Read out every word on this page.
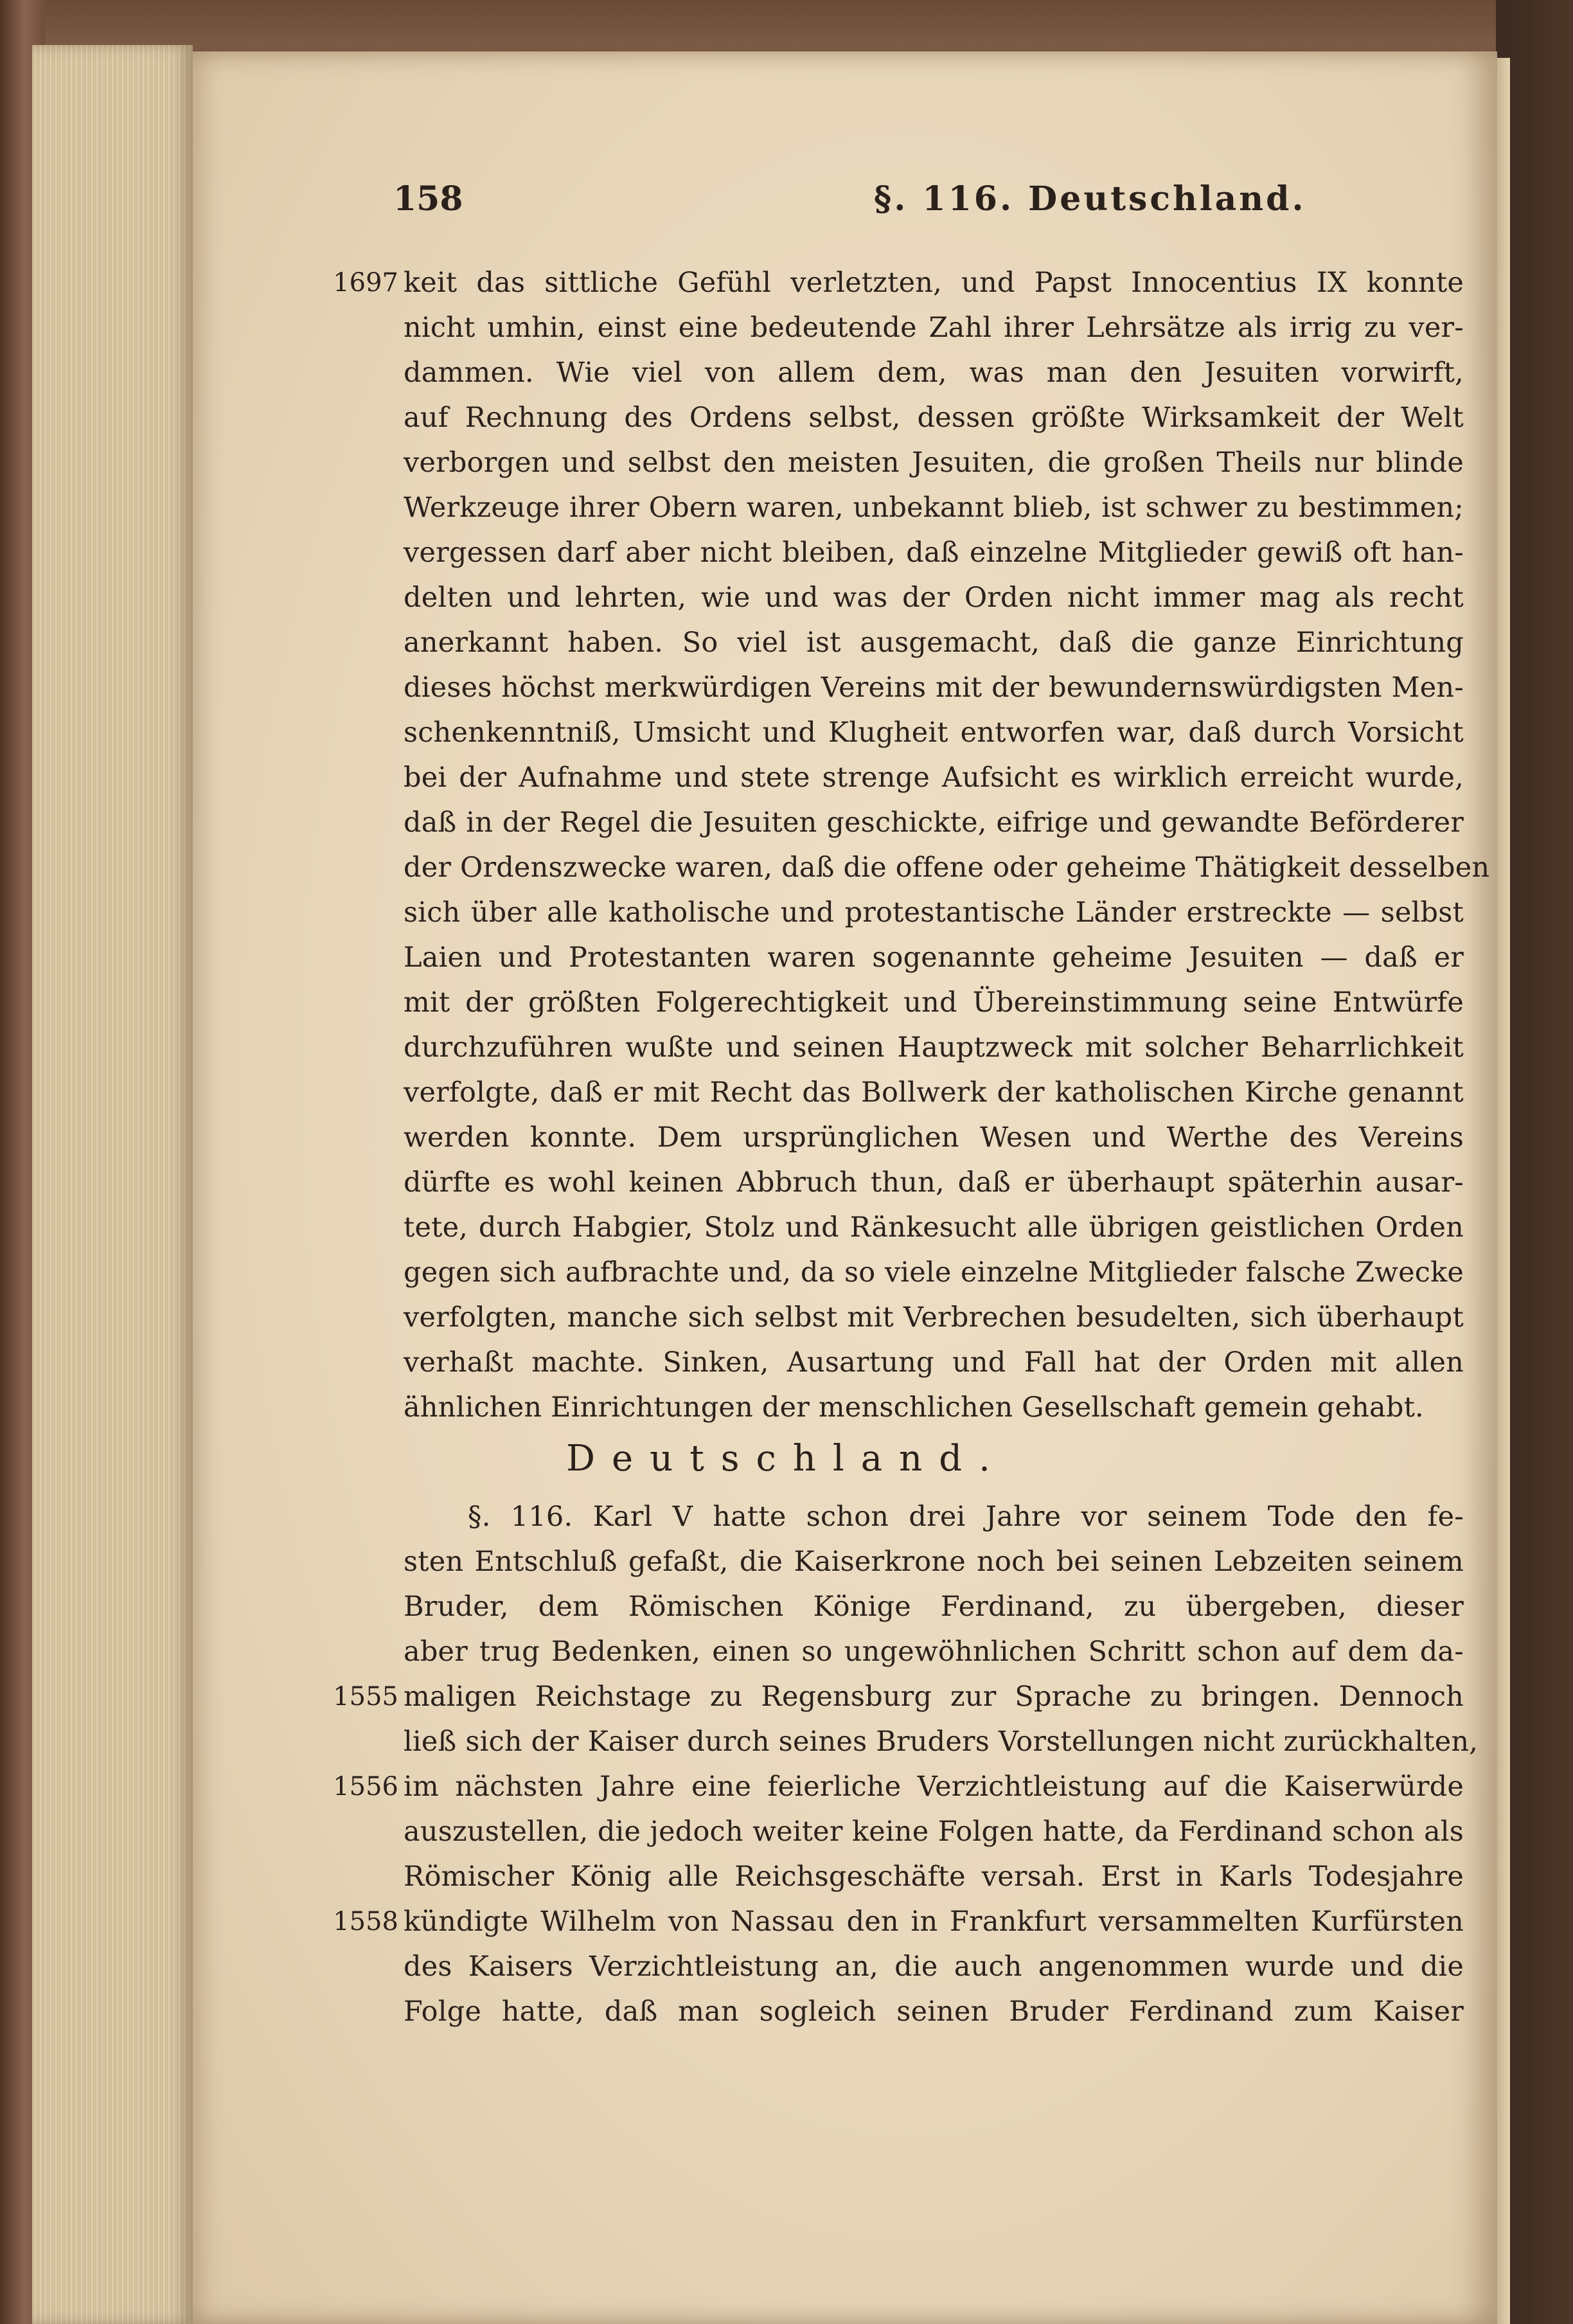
158	§. 116. Deutschland.
1697
1555
1556
1558
keit das sittliche Gefühl verletzten, und Papst Innocentius IX konnte
nicht umhin, einst eine bedeutende Zahl ihrer Lehrsätze als irrig zu ver-
dammen. Wie viel von allem dem, was man den Jesuiten vorwirft,
auf Rechnung des Ordens selbst, dessen größte Wirksamkeit der Welt
verborgen und selbst den meisten Jesuiten, die großen Theils nur blinde
Werkzeuge ihrer Obern waren, unbekannt blieb, ist schwer zu bestimmen;
vergessen darf aber nicht bleiben, daß einzelne Mitglieder gewiß oft han-
delten und lehrten, wie und was der Orden nicht immer mag als recht
anerkannt haben. So viel ist ausgemacht, daß die ganze Einrichtung
dieses höchst merkwürdigen Vereins mit der bewundernswürdigsten Men-
schenkenntniß, Umsicht und Klugheit entworfen war, daß durch Vorsicht
bei der Aufnahme und stete strenge Aufsicht es wirklich erreicht wurde,
daß in der Regel die Jesuiten geschickte, eifrige und gewandte Beförderer
der Ordenszwecke waren, daß die offene oder geheime Thätigkeit desselben
sich über alle katholische und protestantische Länder erstreckte — selbst
Laien und Protestanten waren sogenannte geheime Jesuiten — daß er
mit der größten Folgerechtigkeit und Übereinstimmung seine Entwürfe
durchzuführen wußte und seinen Hauptzweck mit solcher Beharrlichkeit
verfolgte, daß er mit Recht das Bollwerk der katholischen Kirche genannt
werden konnte. Dem ursprünglichen Wesen und Werthe des Vereins
dürfte es wohl keinen Abbruch thun, daß er überhaupt späterhin ausar-
tete, durch Habgier, Stolz und Ränkesucht alle übrigen geistlichen Orden
gegen sich aufbrachte und, da so viele einzelne Mitglieder falsche Zwecke
verfolgten, manche sich selbst mit Verbrechen besudelten, sich überhaupt
verhaßt machte. Sinken, Ausartung und Fall hat der Orden mit allen
ähnlichen Einrichtungen der menschlichen Gesellschaft gemein gehabt.
Deutschland.
§. 116. Karl V hatte schon drei Jahre vor seinem Tode den fe-
sten Entschluß gefaßt, die Kaiserkrone noch bei seinen Lebzeiten seinem
Bruder, dem Römischen Könige Ferdinand, zu übergeben, dieser
aber trug Bedenken, einen so ungewöhnlichen Schritt schon auf dem da-
maligen Reichstage zu Regensburg zur Sprache zu bringen. Dennoch
ließ sich der Kaiser durch seines Bruders Vorstellungen nicht zurückhalten,
im nächsten Jahre eine feierliche Verzichtleistung auf die Kaiserwürde
auszustellen, die jedoch weiter keine Folgen hatte, da Ferdinand schon als
Römischer König alle Reichsgeschäfte versah. Erst in Karls Todesjahre
kündigte Wilhelm von Nassau den in Frankfurt versammelten Kurfürsten
des Kaisers Verzichtleistung an, die auch angenommen wurde und die
Folge hatte, daß man sogleich seinen Bruder Ferdinand zum Kaiser
